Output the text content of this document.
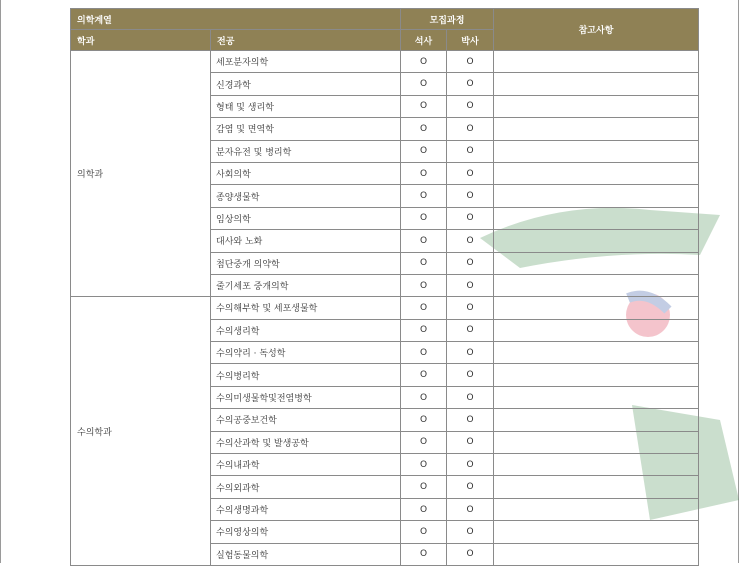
의학계열		모집과정		참고사항
학과	전공	석사	박사	
의학과	세포분자의학	O	O	
	신경과학	O	O	
	형태 및 생리학	O	O	
	감염 및 면역학	O	O	
	분자유전 및 병리학	O	O	
	사회의학	O	O	
	종양생물학	O	O	
	임상의학	O	O	
	대사와 노화	O	O	
	첨단중개 의약학	O	O	
	줄기세포 중개의학	O	O	
수의학과	수의해부학 및 세포생물학	O	O	
	수의생리학	O	O	
	수의약리 · 독성학	O	O	
	수의병리학	O	O	
	수의미생물학및전염병학	O	O	
	수의공중보건학	O	O	
	수의산과학 및 발생공학	O	O	
	수의내과학	O	O	
	수의외과학	O	O	
	수의생명과학	O	O	
	수의영상의학	O	O	
	실험동물의학	O	O	
